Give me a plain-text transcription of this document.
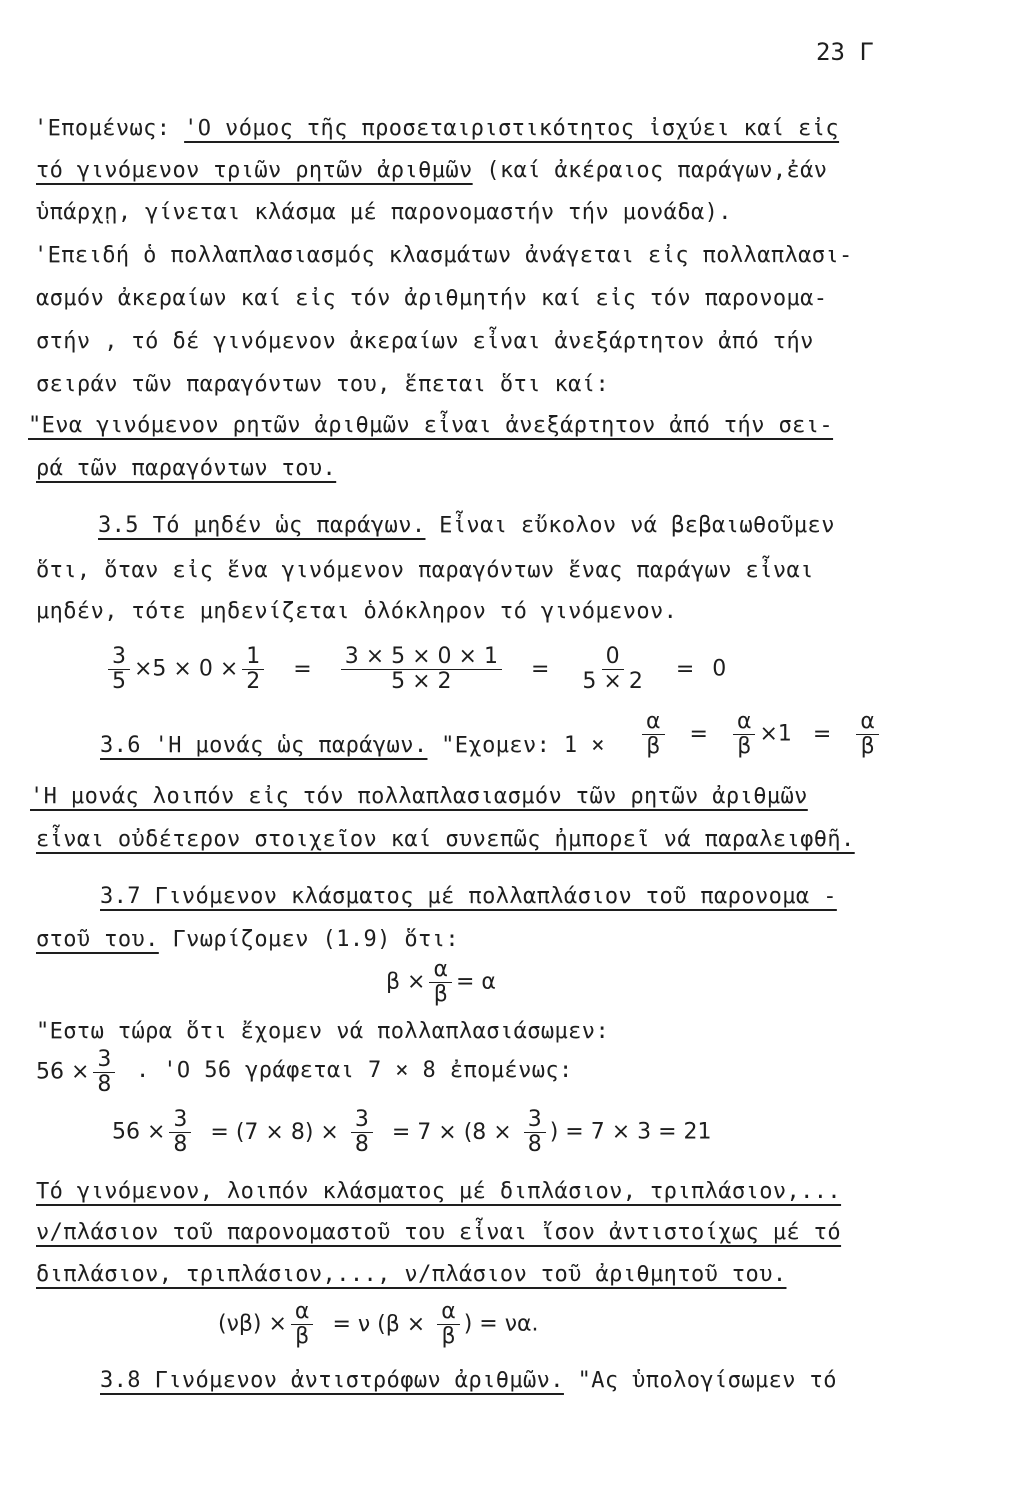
23 Γ
'Επομένως: 'Ο νόμος τῆς προσεταιριστικότητος ἰσχύει καί εἰς
τό γινόμενον τριῶν ρητῶν ἀριθμῶν (καί ἀκέραιος παράγων,ἐάν
ὑπάρχῃ, γίνεται κλάσμα μέ παρονομαστήν τήν μονάδα).
'Επειδή ὁ πολλαπλασιασμός κλασμάτων ἀνάγεται εἰς πολλαπλασι-
ασμόν ἀκεραίων καί εἰς τόν ἀριθμητήν καί εἰς τόν παρονομα-
στήν , τό δέ γινόμενον ἀκεραίων εἶναι ἀνεξάρτητον ἀπό τήν
σειράν τῶν παραγόντων του, ἕπεται ὅτι καί:
"Ενα γινόμενον ρητῶν ἀριθμῶν εἶναι ἀνεξάρτητον ἀπό τήν σει-
ρά τῶν παραγόντων του.
3.5 Τό μηδέν ὡς παράγων. Εἶναι εὔκολον νά βεβαιωθοῦμεν
ὅτι, ὅταν εἰς ἕνα γινόμενον παραγόντων ἕνας παράγων εἶναι
μηδέν, τότε μηδενίζεται ὁλόκληρον τό γινόμενον.
$\frac{3}{5} \times 5 \times 0 \times \frac{1}{2} = \frac{3 \times 5 \times 0 \times 1}{5 \times 2} = \frac{0}{5 \times 2} = 0$
3.6 'Η μονάς ὡς παράγων. "Εχομεν: $1 \times \frac{\alpha}{\beta} = \frac{\alpha}{\beta} \times 1 = \frac{\alpha}{\beta}$
'Η μονάς λοιπόν εἰς τόν πολλαπλασιασμόν τῶν ρητῶν ἀριθμῶν
εἶναι οὐδέτερον στοιχεῖον καί συνεπῶς ἠμπορεῖ νά παραλειφθῆ.
3.7 Γινόμενον κλάσματος μέ πολλαπλάσιον τοῦ παρονομα -
στοῦ του. Γνωρίζομεν (1.9) ὅτι:
$\beta \times \frac{\alpha}{\beta} = \alpha$
"Εστω τώρα ὅτι ἔχομεν νά πολλαπλασιάσωμεν:
$56 \times \frac{3}{8}$ . 'Ο 56 γράφεται 7 × 8 ἐπομένως:
$56 \times \frac{3}{8} = (7 \times 8) \times \frac{3}{8} = 7 \times (8 \times \frac{3}{8}$ ) = 7 × 3 = 21
Τό γινόμενον, λοιπόν κλάσματος μέ διπλάσιον, τριπλάσιον,...
ν/πλάσιον τοῦ παρονομαστοῦ του εἶναι ἴσον ἀντιστοίχως μέ τό
διπλάσιον, τριπλάσιον,..., ν/πλάσιον τοῦ ἀριθμητοῦ του.
$(\nu\beta) \times \frac{\alpha}{\beta} = \nu$ ($\beta \times \frac{\alpha}{\beta}$ ) = να.
3.8 Γινόμενον ἀντιστρόφων ἀριθμῶν. "Ας ὑπολογίσωμεν τό
